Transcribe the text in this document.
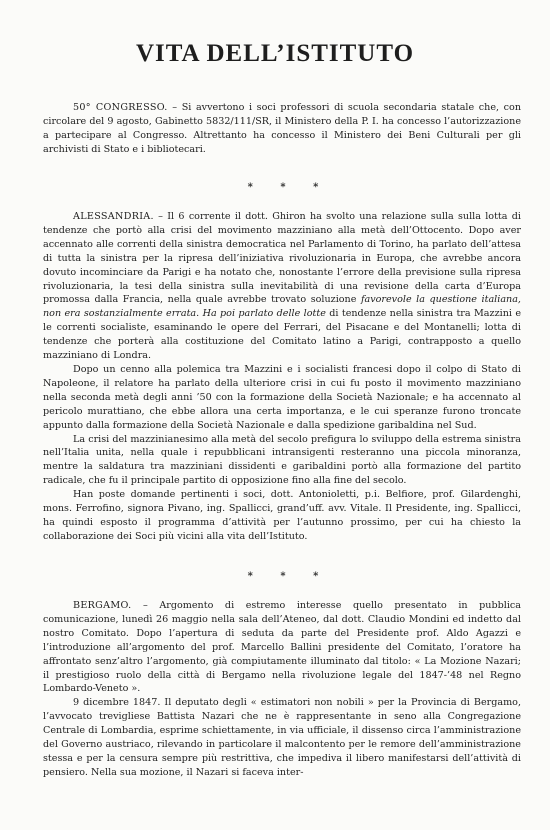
VITA DELL’ISTITUTO

50° CONGRESSO. – Si avvertono i soci professori di scuola secondaria statale che, con circolare del 9 agosto, Gabinetto 5832/111/SR, il Ministero della P. I. ha concesso l’autorizzazione a partecipare al Congresso. Altrettanto ha concesso il Ministero dei Beni Culturali per gli archivisti di Stato e i bibliotecari.

* * *

ALESSANDRIA. – Il 6 corrente il dott. Ghiron ha svolto una relazione sulla sulla lotta di tendenze che portò alla crisi del movimento mazziniano alla metà dell’Ottocento. Dopo aver accennato alle correnti della sinistra democratica nel Parlamento di Torino, ha parlato dell’attesa di tutta la sinistra per la ripresa dell’iniziativa rivoluzionaria in Europa, che avrebbe ancora dovuto incominciare da Parigi e ha notato che, nonostante l’errore della previsione sulla ripresa rivoluzionaria, la tesi della sinistra sulla inevitabilità di una revisione della carta d’Europa promossa dalla Francia, nella quale avrebbe trovato soluzione favorevole la questione italiana, non era sostanzialmente errata. Ha poi parlato delle lotte di tendenze nella sinistra tra Mazzini e le correnti socialiste, esaminando le opere del Ferrari, del Pisacane e del Montanelli; lotta di tendenze che porterà alla costituzione del Comitato latino a Parigi, contrapposto a quello mazziniano di Londra.

Dopo un cenno alla polemica tra Mazzini e i socialisti francesi dopo il colpo di Stato di Napoleone, il relatore ha parlato della ulteriore crisi in cui fu posto il movimento mazziniano nella seconda metà degli anni ’50 con la formazione della Società Nazionale; e ha accennato al pericolo murattiano, che ebbe allora una certa importanza, e le cui speranze furono troncate appunto dalla formazione della Società Nazionale e dalla spedizione garibaldina nel Sud.

La crisi del mazzinianesimo alla metà del secolo prefigura lo sviluppo della estrema sinistra nell’Italia unita, nella quale i repubblicani intransigenti resteranno una piccola minoranza, mentre la saldatura tra mazziniani dissidenti e garibaldini portò alla formazione del partito radicale, che fu il principale partito di opposizione fino alla fine del secolo.

Han poste domande pertinenti i soci, dott. Antonioletti, p.i. Belfiore, prof. Gilardenghi, mons. Ferrofino, signora Pivano, ing. Spallicci, grand’uff. avv. Vitale. Il Presidente, ing. Spallicci, ha quindi esposto il programma d’attività per l’autunno prossimo, per cui ha chiesto la collaborazione dei Soci più vicini alla vita dell’Istituto.

* * *

BERGAMO. – Argomento di estremo interesse quello presentato in pubblica comunicazione, lunedì 26 maggio nella sala dell’Ateneo, dal dott. Claudio Mondini ed indetto dal nostro Comitato. Dopo l’apertura di seduta da parte del Presidente prof. Aldo Agazzi e l’introduzione all’argomento del prof. Marcello Ballini presidente del Comitato, l’oratore ha affrontato senz’altro l’argomento, già compiutamente illuminato dal titolo: « La Mozione Nazari; il prestigioso ruolo della città di Bergamo nella rivoluzione legale del 1847-’48 nel Regno Lombardo-Veneto ».

9 dicembre 1847. Il deputato degli « estimatori non nobili » per la Provincia di Bergamo, l’avvocato trevigliese Battista Nazari che ne è rappresentante in seno alla Congregazione Centrale di Lombardia, esprime schiettamente, in via ufficiale, il dissenso circa l’amministrazione del Governo austriaco, rilevando in particolare il malcontento per le remore dell’amministrazione stessa e per la censura sempre più restrittiva, che impediva il libero manifestarsi dell’attività di pensiero. Nella sua mozione, il Nazari si faceva inter-
